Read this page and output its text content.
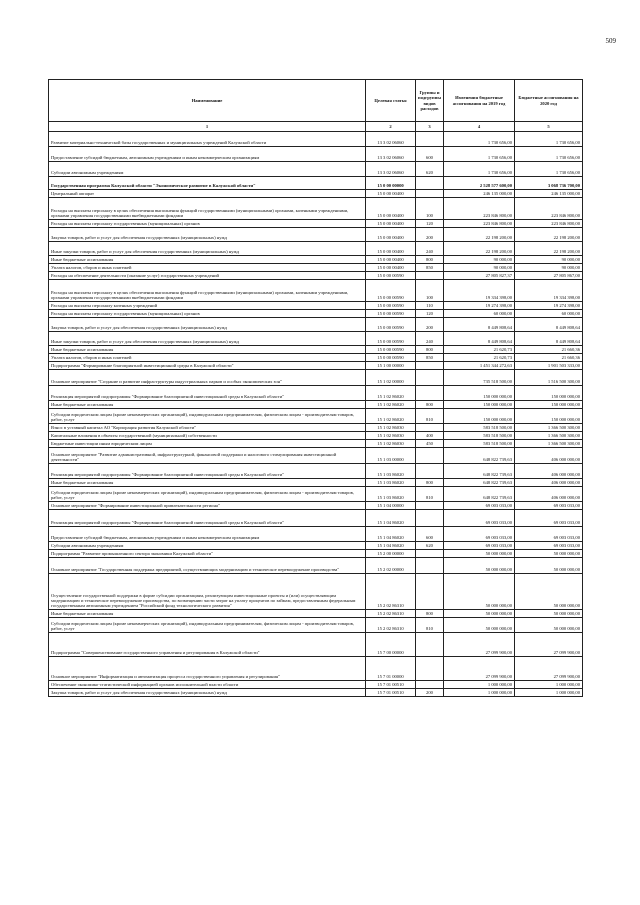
509
Наименование	Целевая статья	Группы и подгруппы видов расходов	Изменения бюджетные ассигнования на 2019 год	Бюджетные ассигнования на 2020 год
1	2	3	4	5
Развитие материально-технической базы государственных и муниципальных учреждений Калужской области	13 3 02 06060		1 730 656,00	1 730 656,00
Предоставление субсидий бюджетным, автономным учреждениям и иным некоммерческим организациям	13 3 02 06060	600	1 730 656,00	1 730 656,00
Субсидии автономным учреждениям	13 3 02 06060	620	1 730 656,00	1 730 656,00
Государственная программа Калужской области "Экономическое развитие в Калужской области"	15 0 00 00000		2 528 577 600,00	3 068 736 700,00
Центральный аппарат	15 0 00 00400		246 135 000,00	246 135 000,00
Расходы на выплаты персоналу в целях обеспечения выполнения функций государственными (муниципальными) органами, казенными учреждениями, органами управления государственными внебюджетными фондами	15 0 00 00400	100	223 846 800,00	223 846 800,00
Расходы на выплаты персоналу государственных (муниципальных) органов	15 0 00 00400	120	223 846 800,00	223 846 800,00
Закупка товаров, работ и услуг для обеспечения государственных (муниципальных) нужд	15 0 00 00400	200	22 198 200,00	22 198 200,00
Иные закупки товаров, работ и услуг для обеспечения государственных (муниципальных) нужд	15 0 00 00400	240	22 198 200,00	22 198 200,00
Иные бюджетные ассигнования	15 0 00 00400	800	90 000,00	90 000,00
Уплата налогов, сборов и иных платежей	15 0 00 00400	850	90 000,00	90 000,00
Расходы на обеспечение деятельности (оказание услуг) государственных учреждений	15 0 00 00590		27 805 827,37	27 805 867,00
Расходы на выплаты персоналу в целях обеспечения выполнения функций государственными (муниципальными) органами, казенными учреждениями, органами управления государственными внебюджетными фондами	15 0 00 00590	100	19 334 398,00	19 334 398,00
Расходы на выплаты персоналу казенных учреждений	15 0 00 00590	110	19 274 398,00	19 274 398,00
Расходы на выплаты персоналу государственных (муниципальных) органов	15 0 00 00590	120	60 000,00	60 000,00
Закупка товаров, работ и услуг для обеспечения государственных (муниципальных) нужд	15 0 00 00590	200	8 449 808,64	8 449 808,64
Иные закупки товаров, работ и услуг для обеспечения государственных (муниципальных) нужд	15 0 00 00590	240	8 449 808,64	8 449 808,64
Иные бюджетные ассигнования	15 0 00 00590	800	21 620,73	21 660,36
Уплата налогов, сборов и иных платежей	15 0 00 00590	850	21 620,73	21 660,36
Подпрограмма "Формирование благоприятной инвестиционной среды в Калужской области"	15 1 00 00000		1 451 344 272,63	1 901 503 333,00
Основное мероприятие "Создание и развитие инфраструктуры индустриальных парков и особых экономических зон"	15 1 02 00000		735 518 500,00	1 516 500 300,00
Реализация мероприятий подпрограммы "Формирование благоприятной инвестиционной среды в Калужской области"	15 1 02 86020		150 000 000,00	150 000 000,00
Иные бюджетные ассигнования	15 1 02 86020	800	150 000 000,00	150 000 000,00
Субсидии юридическим лицам (кроме некоммерческих организаций), индивидуальным предпринимателям, физическим лицам - производителям товаров, работ, услуг	15 1 02 86020	810	150 000 000,00	150 000 000,00
Взнос в уставный капитал АО "Корпорация развития Калужской области"	15 1 02 86030		583 518 500,00	1 366 500 300,00
Капитальные вложения в объекты государственной (муниципальной) собственности	15 1 02 86030	400	583 518 500,00	1 366 500 300,00
Бюджетные инвестиции иным юридическим лицам	15 1 02 86030	450	583 518 500,00	1 366 500 300,00
Основное мероприятие "Развитие административной, инфраструктурной, финансовой поддержки и налогового стимулирования инвестиционной деятельности"	15 1 03 00000		648 822 739,63	406 000 000,00
Реализация мероприятий подпрограммы "Формирование благоприятной инвестиционной среды в Калужской области"	15 1 03 86020		648 822 739,63	406 000 000,00
Иные бюджетные ассигнования	15 1 03 86020	800	648 822 739,63	406 000 000,00
Субсидии юридическим лицам (кроме некоммерческих организаций), индивидуальным предпринимателям, физическим лицам - производителям товаров, работ, услуг	15 1 03 86020	810	648 822 739,63	406 000 000,00
Основное мероприятие "Формирование инвестиционной привлекательности региона"	15 1 04 00000		69 003 033,00	69 003 033,00
Реализация мероприятий подпрограммы "Формирование благоприятной инвестиционной среды в Калужской области"	15 1 04 86020		69 003 033,00	69 003 033,00
Предоставление субсидий бюджетным, автономным учреждениям и иным некоммерческим организациям	15 1 04 86020	600	69 003 033,00	69 003 033,00
Субсидии автономным учреждениям	15 1 04 86020	620	69 003 033,00	69 003 033,00
Подпрограмма "Развитие промышленного сектора экономики Калужской области"	15 2 00 00000		50 000 000,00	50 000 000,00
Основное мероприятие "Государственная поддержка предприятий, осуществляющих модернизацию и техническое перевооружение производства"	15 2 02 00000		50 000 000,00	50 000 000,00
Осуществление государственной поддержки в форме субсидии организациям, реализующим инвестиционные проекты и (или) осуществляющим модернизацию и техническое перевооружение производства, по возмещению части затрат на уплату процентов по займам, предоставленным федеральным государственным автономным учреждением "Российский фонд технологического развития"	15 2 02 86310		50 000 000,00	50 000 000,00
Иные бюджетные ассигнования	15 2 02 86310	800	50 000 000,00	50 000 000,00
Субсидии юридическим лицам (кроме некоммерческих организаций), индивидуальным предпринимателям, физическим лицам - производителям товаров, работ, услуг	15 2 02 86310	810	50 000 000,00	50 000 000,00
Подпрограмма "Совершенствование государственного управления и регулирования в Калужской области"	15 7 00 00000		27 099 900,00	27 099 900,00
Основное мероприятие "Информатизация и автоматизация процесса государственного управления и регулирования"	15 7 01 00000		27 099 900,00	27 099 900,00
Обеспечение экономико-статистической информацией органов исполнительной власти области	15 7 01 00510		1 000 000,00	1 000 000,00
Закупка товаров, работ и услуг для обеспечения государственных (муниципальных) нужд	15 7 01 00510	200	1 000 000,00	1 000 000,00
